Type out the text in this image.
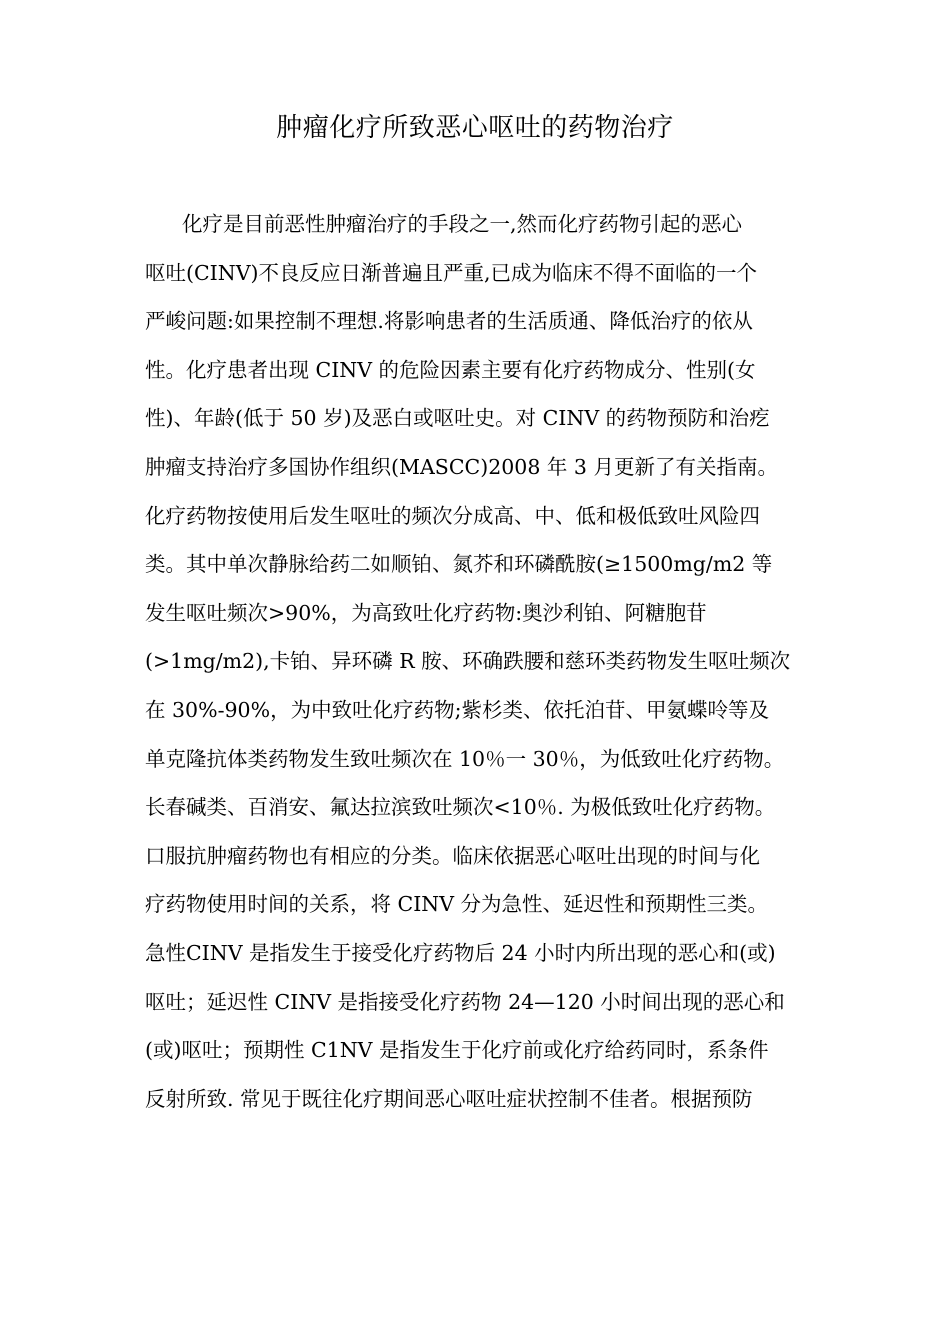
肿瘤化疗所致恶心呕吐的药物治疗
化疗是目前恶性肿瘤治疗的手段之一,然而化疗药物引起的恶心
呕吐(CINV)不良反应日渐普遍且严重,已成为临床不得不面临的一个
严峻问题:如果控制不理想.将影响患者的生活质通、降低治疗的依从
性。化疗患者出现 CINV 的危险因素主要有化疗药物成分、性别(女
性)、年龄(低于 50 岁)及恶白或呕吐史。对 CINV 的药物预防和治疙
肿瘤支持治疗多国协作组织(MASCC)2008 年 3 月更新了有关指南。
化疗药物按使用后发生呕吐的频次分成高、中、低和极低致吐风险四
类。其中单次静脉给药二如顺铂、氮芥和环磷酰胺(≥1500mg/m2 等
发生呕吐频次>90%，为高致吐化疗药物:奥沙利铂、阿糖胞苷
(>1mg/m2),卡铂、异环磷 R 胺、环确跌腰和慈环类药物发生呕吐频次
在 30%-90%，为中致吐化疗药物;紫杉类、依托泊苷、甲氨蝶呤等及
单克隆抗体类药物发生致吐频次在 10％一 30％，为低致吐化疗药物。
长春碱类、百消安、氟达拉滨致吐频次<10％. 为极低致吐化疗药物。
口服抗肿瘤药物也有相应的分类。临床依据恶心呕吐出现的时间与化
疗药物使用时间的关系，将 CINV 分为急性、延迟性和预期性三类。
急性CINV 是指发生于接受化疗药物后 24 小时内所出现的恶心和(或)
呕吐；延迟性 CINV 是指接受化疗药物 24—120 小时间出现的恶心和
(或)呕吐；预期性 C1NV 是指发生于化疗前或化疗给药同时，系条件
反射所致. 常见于既往化疗期间恶心呕吐症状控制不佳者。根据预防
